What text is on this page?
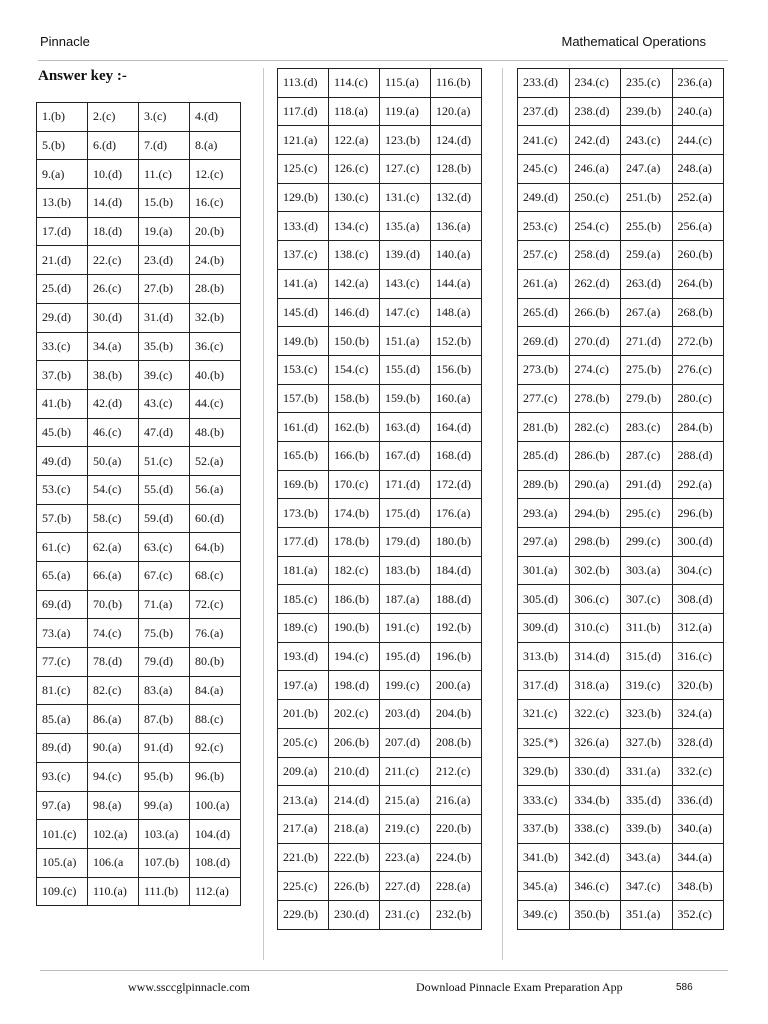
Pinnacle	Mathematical Operations
Answer key :-
1.(b)	2.(c)	3.(c)	4.(d)
5.(b)	6.(d)	7.(d)	8.(a)
9.(a)	10.(d)	11.(c)	12.(c)
13.(b)	14.(d)	15.(b)	16.(c)
17.(d)	18.(d)	19.(a)	20.(b)
21.(d)	22.(c)	23.(d)	24.(b)
25.(d)	26.(c)	27.(b)	28.(b)
29.(d)	30.(d)	31.(d)	32.(b)
33.(c)	34.(a)	35.(b)	36.(c)
37.(b)	38.(b)	39.(c)	40.(b)
41.(b)	42.(d)	43.(c)	44.(c)
45.(b)	46.(c)	47.(d)	48.(b)
49.(d)	50.(a)	51.(c)	52.(a)
53.(c)	54.(c)	55.(d)	56.(a)
57.(b)	58.(c)	59.(d)	60.(d)
61.(c)	62.(a)	63.(c)	64.(b)
65.(a)	66.(a)	67.(c)	68.(c)
69.(d)	70.(b)	71.(a)	72.(c)
73.(a)	74.(c)	75.(b)	76.(a)
77.(c)	78.(d)	79.(d)	80.(b)
81.(c)	82.(c)	83.(a)	84.(a)
85.(a)	86.(a)	87.(b)	88.(c)
89.(d)	90.(a)	91.(d)	92.(c)
93.(c)	94.(c)	95.(b)	96.(b)
97.(a)	98.(a)	99.(a)	100.(a)
101.(c)	102.(a)	103.(a)	104.(d)
105.(a)	106.(a	107.(b)	108.(d)
109.(c)	110.(a)	111.(b)	112.(a)
113.(d)	114.(c)	115.(a)	116.(b)
117.(d)	118.(a)	119.(a)	120.(a)
121.(a)	122.(a)	123.(b)	124.(d)
125.(c)	126.(c)	127.(c)	128.(b)
129.(b)	130.(c)	131.(c)	132.(d)
133.(d)	134.(c)	135.(a)	136.(a)
137.(c)	138.(c)	139.(d)	140.(a)
141.(a)	142.(a)	143.(c)	144.(a)
145.(d)	146.(d)	147.(c)	148.(a)
149.(b)	150.(b)	151.(a)	152.(b)
153.(c)	154.(c)	155.(d)	156.(b)
157.(b)	158.(b)	159.(b)	160.(a)
161.(d)	162.(b)	163.(d)	164.(d)
165.(b)	166.(b)	167.(d)	168.(d)
169.(b)	170.(c)	171.(d)	172.(d)
173.(b)	174.(b)	175.(d)	176.(a)
177.(d)	178.(b)	179.(d)	180.(b)
181.(a)	182.(c)	183.(b)	184.(d)
185.(c)	186.(b)	187.(a)	188.(d)
189.(c)	190.(b)	191.(c)	192.(b)
193.(d)	194.(c)	195.(d)	196.(b)
197.(a)	198.(d)	199.(c)	200.(a)
201.(b)	202.(c)	203.(d)	204.(b)
205.(c)	206.(b)	207.(d)	208.(b)
209.(a)	210.(d)	211.(c)	212.(c)
213.(a)	214.(d)	215.(a)	216.(a)
217.(a)	218.(a)	219.(c)	220.(b)
221.(b)	222.(b)	223.(a)	224.(b)
225.(c)	226.(b)	227.(d)	228.(a)
229.(b)	230.(d)	231.(c)	232.(b)
233.(d)	234.(c)	235.(c)	236.(a)
237.(d)	238.(d)	239.(b)	240.(a)
241.(c)	242.(d)	243.(c)	244.(c)
245.(c)	246.(a)	247.(a)	248.(a)
249.(d)	250.(c)	251.(b)	252.(a)
253.(c)	254.(c)	255.(b)	256.(a)
257.(c)	258.(d)	259.(a)	260.(b)
261.(a)	262.(d)	263.(d)	264.(b)
265.(d)	266.(b)	267.(a)	268.(b)
269.(d)	270.(d)	271.(d)	272.(b)
273.(b)	274.(c)	275.(b)	276.(c)
277.(c)	278.(b)	279.(b)	280.(c)
281.(b)	282.(c)	283.(c)	284.(b)
285.(d)	286.(b)	287.(c)	288.(d)
289.(b)	290.(a)	291.(d)	292.(a)
293.(a)	294.(b)	295.(c)	296.(b)
297.(a)	298.(b)	299.(c)	300.(d)
301.(a)	302.(b)	303.(a)	304.(c)
305.(d)	306.(c)	307.(c)	308.(d)
309.(d)	310.(c)	311.(b)	312.(a)
313.(b)	314.(d)	315.(d)	316.(c)
317.(d)	318.(a)	319.(c)	320.(b)
321.(c)	322.(c)	323.(b)	324.(a)
325.(*)	326.(a)	327.(b)	328.(d)
329.(b)	330.(d)	331.(a)	332.(c)
333.(c)	334.(b)	335.(d)	336.(d)
337.(b)	338.(c)	339.(b)	340.(a)
341.(b)	342.(d)	343.(a)	344.(a)
345.(a)	346.(c)	347.(c)	348.(b)
349.(c)	350.(b)	351.(a)	352.(c)
www.ssccglpinnacle.com	Download Pinnacle Exam Preparation App	586
